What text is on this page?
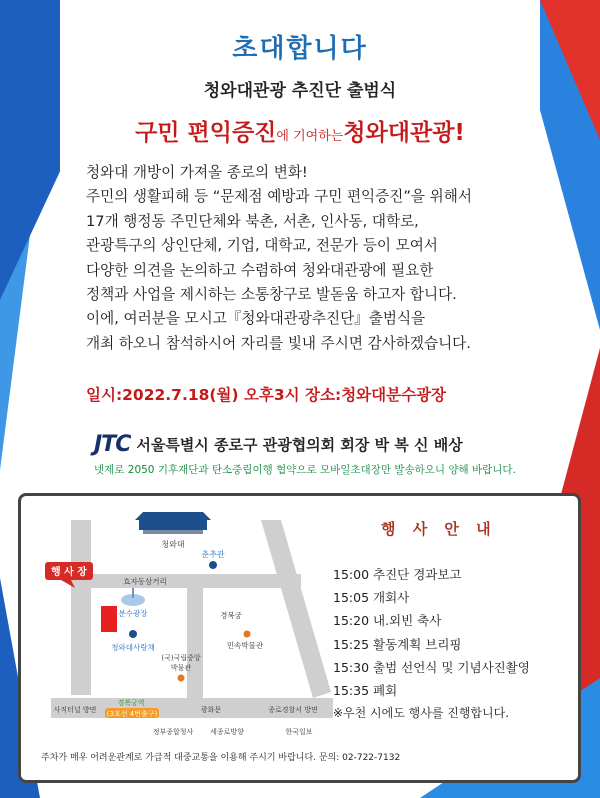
초대합니다
청와대관광 추진단 출범식
구민 편익증진에 기여하는청와대관광!
청와대 개방이 가져올 종로의 변화!
주민의 생활피해 등 “문제점 예방과 구민 편익증진”을 위해서
17개 행정동 주민단체와 북촌, 서촌, 인사동, 대학로,
관광특구의 상인단체, 기업, 대학교, 전문가 등이 모여서
다양한 의견을 논의하고 수렴하여 청와대관광에 필요한
정책과 사업을 제시하는 소통창구로 발돋움 하고자 합니다.
이에, 여러분을 모시고『청와대관광추진단』출범식을
개최 하오니 참석하시어 자리를 빛내 주시면 감사하겠습니다.
일시:2022.7.18(월) 오후3시 장소:청와대분수광장
JTC 서울특별시 종로구 관광협의회 회장 박 복 신 배상
넷제로 2050 기후재단과 탄소중립이행 협약으로 모바일초대장만 발송하오니 양해 바랍니다.
청와대
춘추관
효자동삼거리
분수광장
행 사 장
청와대사랑채
경복궁
민속박물관
(국)국립중앙
박물관
사직터널 방면
경복궁역
(3호선 4번출구)	광화문	종로경찰서 방면
정부종합청사 세종로방향	한국일보
행 사 안 내
15:00 추진단 경과보고
15:05 개회사
15:20 내.외빈 축사
15:25 활동계획 브리핑
15:30 출범 선언식 및 기념사진촬영
15:35 폐회
※우천 시에도 행사를 진행합니다.
주차가 매우 어려운관계로 가급적 대중교통을 이용해 주시기 바랍니다. 문의: 02-722-7132
